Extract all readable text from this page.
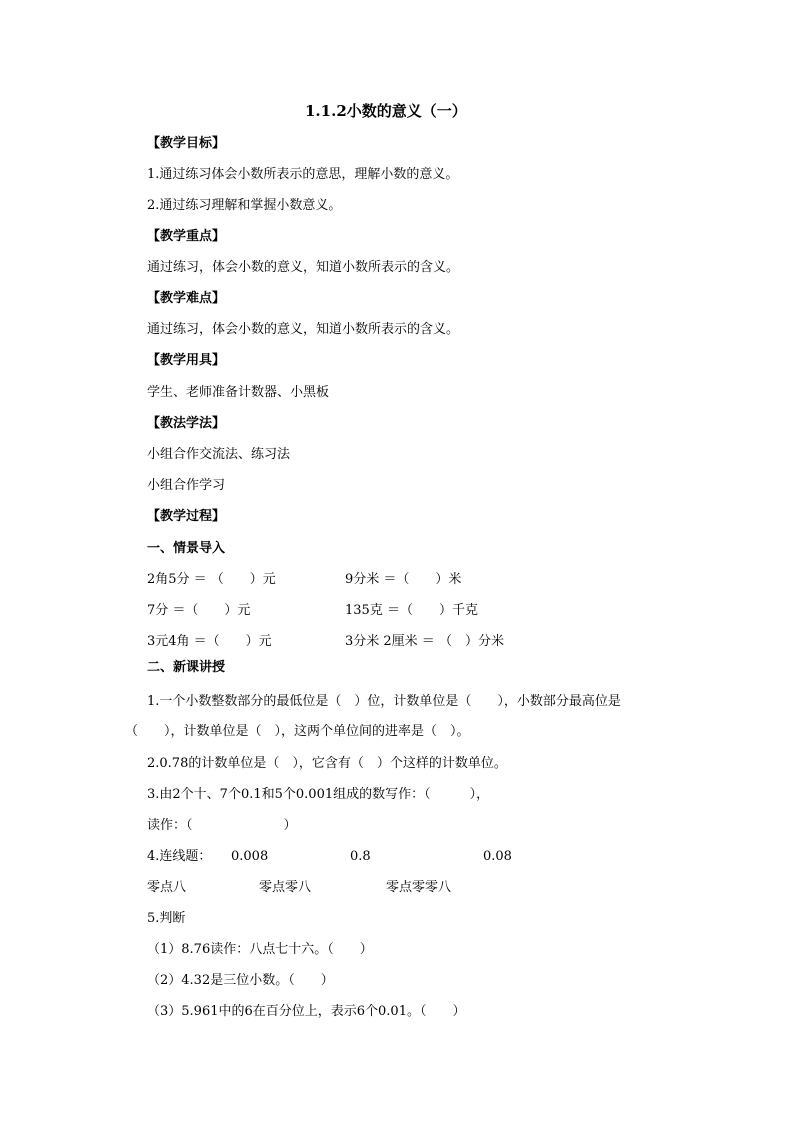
1.1.2小数的意义（一）
【教学目标】
1.通过练习体会小数所表示的意思，理解小数的意义。
2.通过练习理解和掌握小数意义。
【教学重点】
通过练习，体会小数的意义，知道小数所表示的含义。
【教学难点】
通过练习，体会小数的意义，知道小数所表示的含义。
【教学用具】
学生、老师准备计数器、小黑板
【教法学法】
小组合作交流法、练习法
小组合作学习
【教学过程】
一、情景导入
2角5分 ＝ （　　）元	9分米 ＝（　　）米
7分 ＝（　　）元	135克 ＝（　　）千克
3元4角 ＝（　　）元	3分米 2厘米 ＝ （　）分米
二、新课讲授
1.一个小数整数部分的最低位是（　）位，计数单位是（　　），小数部分最高位是
（　　），计数单位是（　），这两个单位间的进率是（　）。
2.0.78的计数单位是（　），它含有（　）个这样的计数单位。
3.由2个十、7个0.1和5个0.001组成的数写作：（　　　），
读作：（　　　　　　　）
4.连线题： 0.008	0.8	0.08
零点八	零点零八	零点零零八
5.判断
（1）8.76读作：八点七十六。（　　）
（2）4.32是三位小数。（　　）
（3）5.961中的6在百分位上，表示6个0.01。（　　）
